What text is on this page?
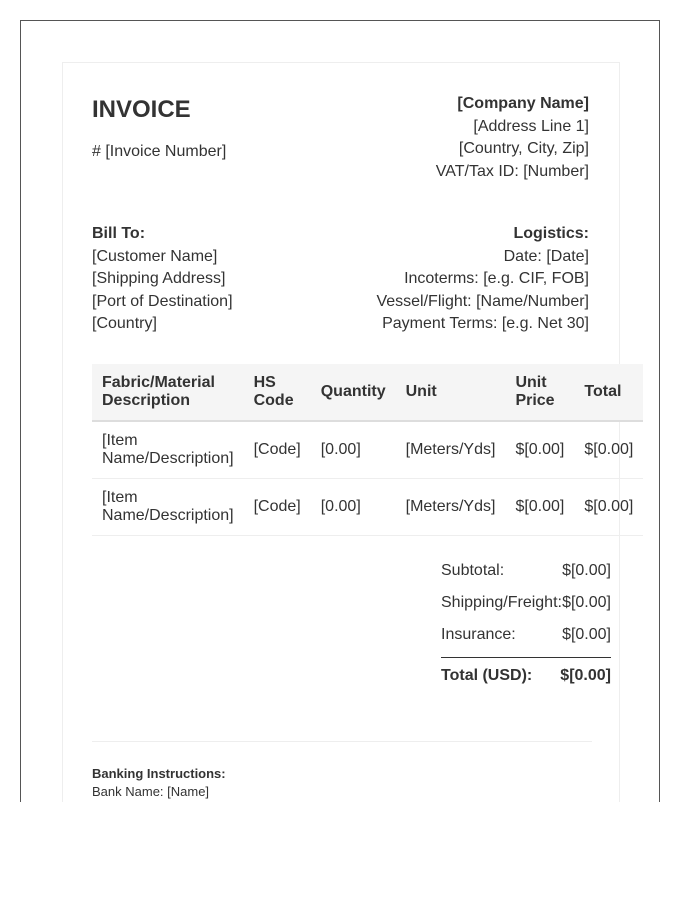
INVOICE
# [Invoice Number]
[Company Name]
[Address Line 1]
[Country, City, Zip]
VAT/Tax ID: [Number]
Bill To:
[Customer Name]
[Shipping Address]
[Port of Destination]
[Country]
Logistics:
Date: [Date]
Incoterms: [e.g. CIF, FOB]
Vessel/Flight: [Name/Number]
Payment Terms: [e.g. Net 30]
Fabric/Material Description	HS Code	Quantity	Unit	Unit Price	Total
[Item Name/Description]	[Code]	[0.00]	[Meters/Yds]	$[0.00]	$[0.00]
[Item Name/Description]	[Code]	[0.00]	[Meters/Yds]	$[0.00]	$[0.00]
Subtotal:	$[0.00]
Shipping/Freight: $[0.00]
Insurance:	$[0.00]
Total (USD): $[0.00]
Banking Instructions:
Bank Name: [Name]
